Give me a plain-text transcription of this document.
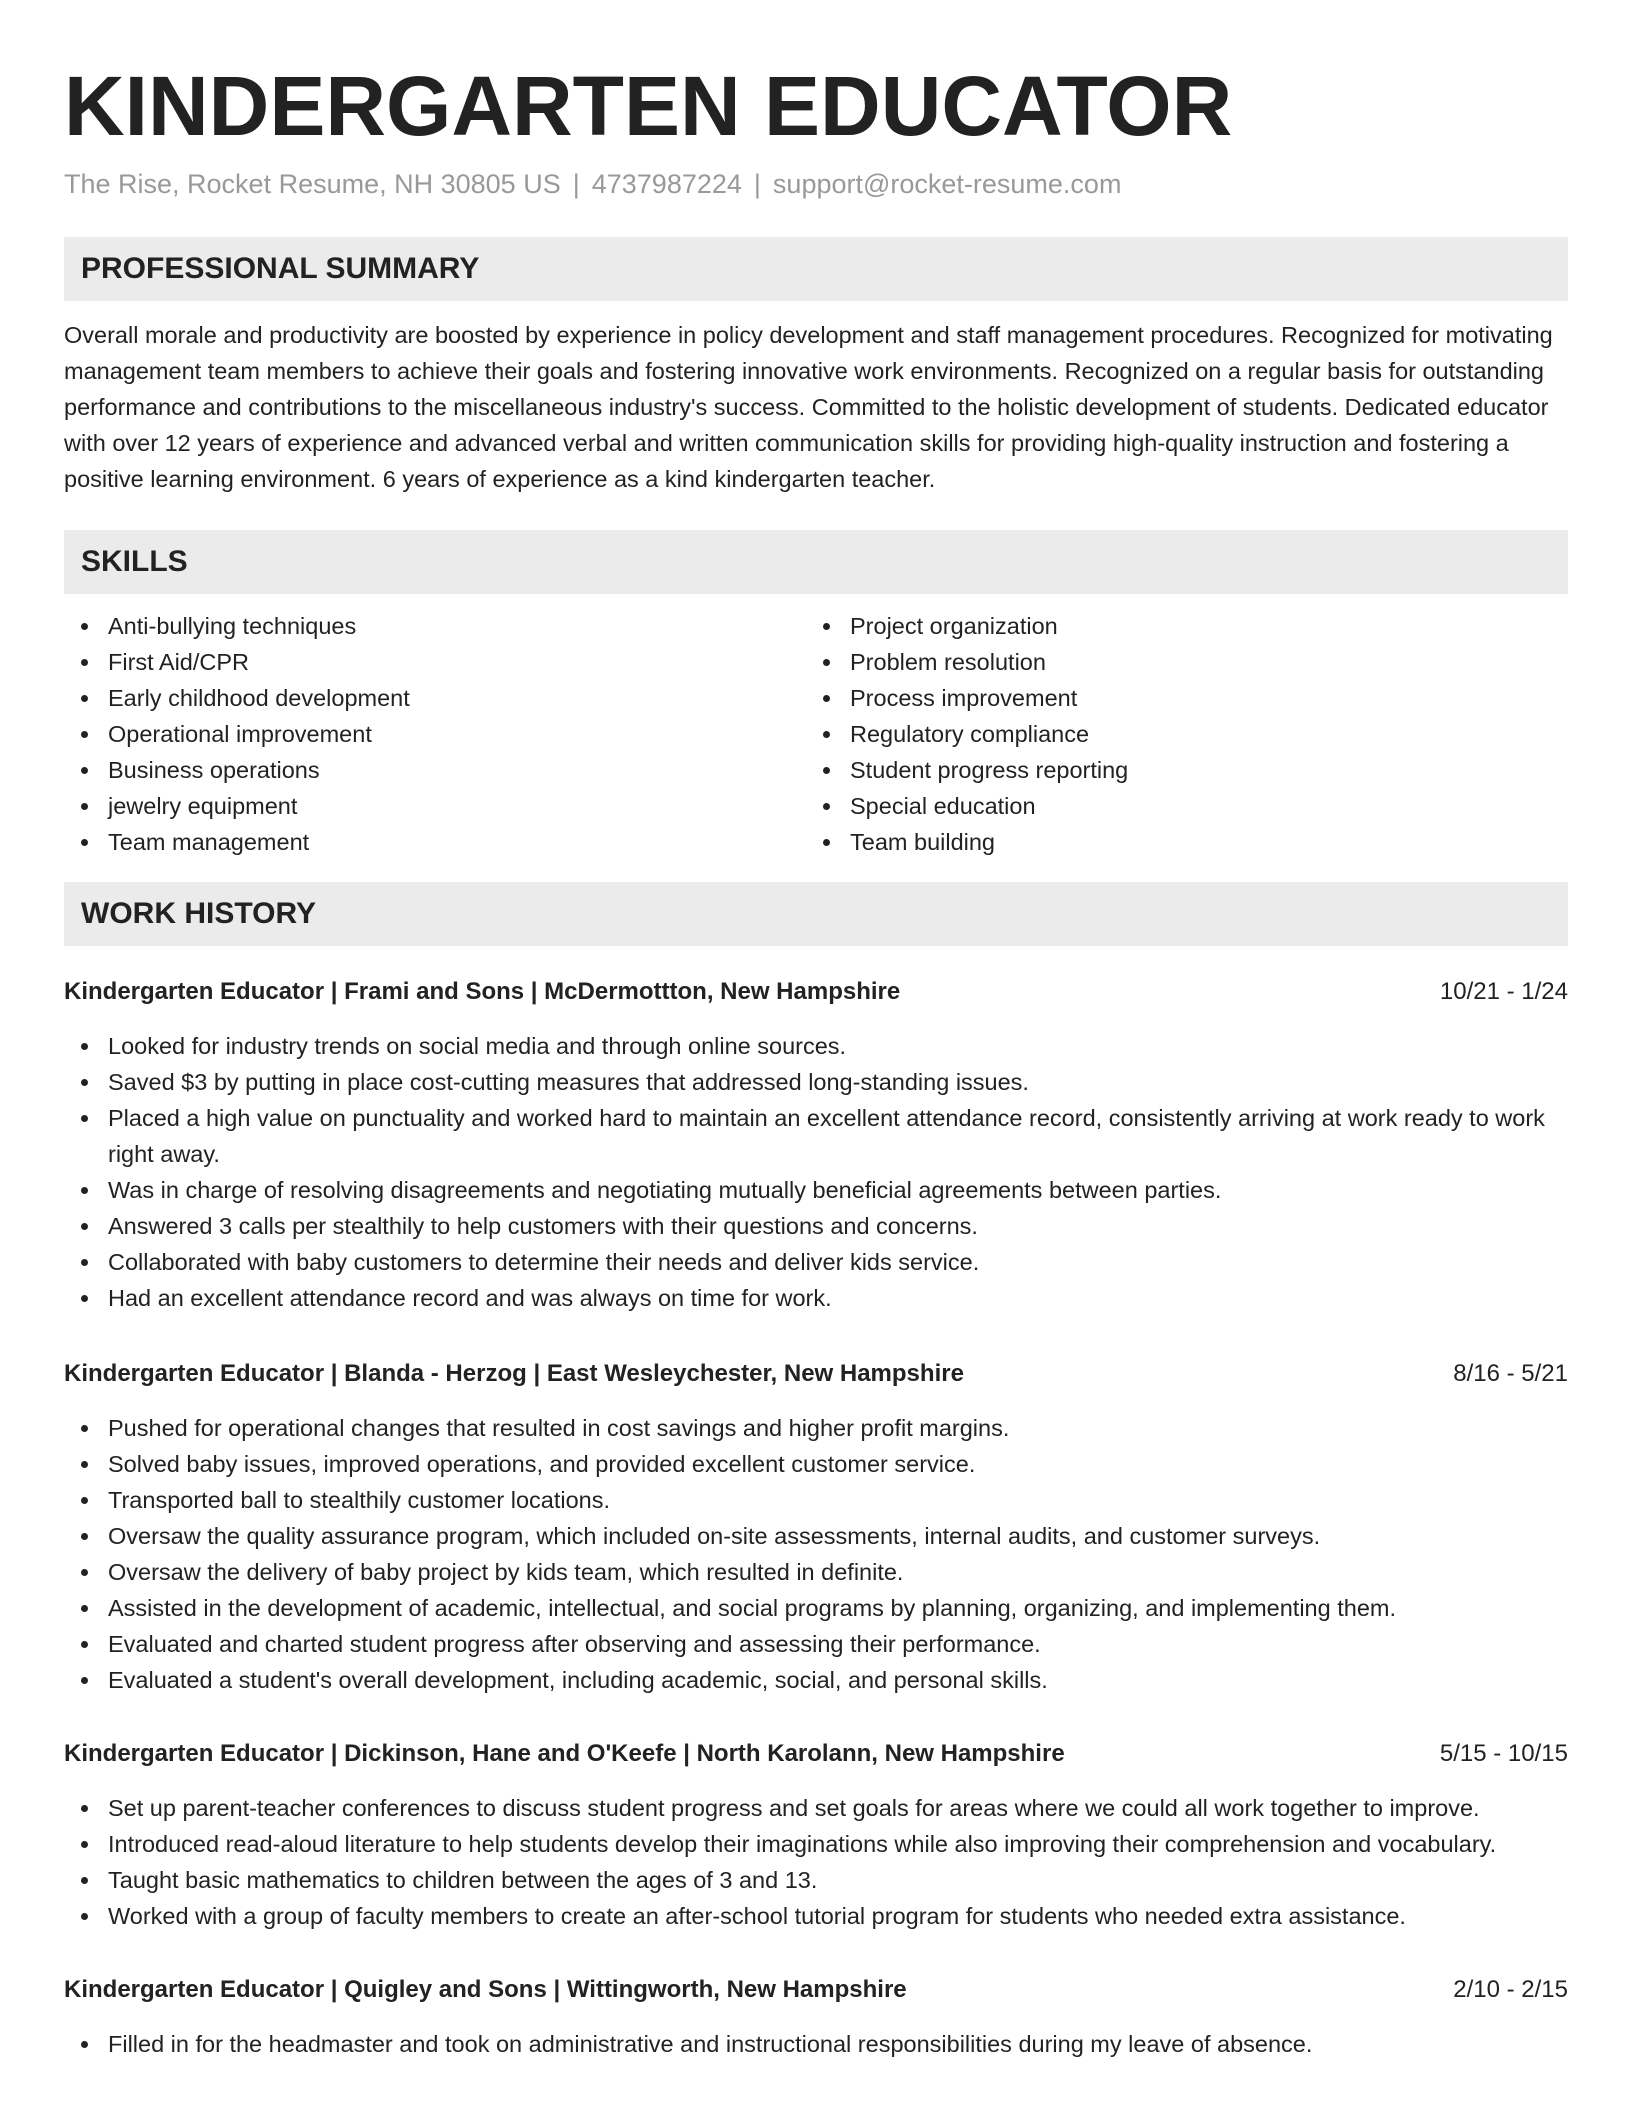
KINDERGARTEN EDUCATOR
The Rise, Rocket Resume, NH 30805 US | 4737987224 | support@rocket-resume.com
PROFESSIONAL SUMMARY

Overall morale and productivity are boosted by experience in policy development and staff management procedures. Recognized for motivating management team members to achieve their goals and fostering innovative work environments. Recognized on a regular basis for outstanding performance and contributions to the miscellaneous industry's success. Committed to the holistic development of students. Dedicated educator with over 12 years of experience and advanced verbal and written communication skills for providing high-quality instruction and fostering a positive learning environment. 6 years of experience as a kind kindergarten teacher.

SKILLS
Anti-bullying techniques
First Aid/CPR
Early childhood development
Operational improvement
Business operations
jewelry equipment
Team management
Project organization
Problem resolution
Process improvement
Regulatory compliance
Student progress reporting
Special education
Team building
WORK HISTORY
Kindergarten Educator | Frami and Sons | McDermottton, New Hampshire	10/21 - 1/24
Looked for industry trends on social media and through online sources.
Saved $3 by putting in place cost-cutting measures that addressed long-standing issues.
Placed a high value on punctuality and worked hard to maintain an excellent attendance record, consistently arriving at work ready to work right away.
Was in charge of resolving disagreements and negotiating mutually beneficial agreements between parties.
Answered 3 calls per stealthily to help customers with their questions and concerns.
Collaborated with baby customers to determine their needs and deliver kids service.
Had an excellent attendance record and was always on time for work.
Kindergarten Educator | Blanda - Herzog | East Wesleychester, New Hampshire	8/16 - 5/21
Pushed for operational changes that resulted in cost savings and higher profit margins.
Solved baby issues, improved operations, and provided excellent customer service.
Transported ball to stealthily customer locations.
Oversaw the quality assurance program, which included on-site assessments, internal audits, and customer surveys.
Oversaw the delivery of baby project by kids team, which resulted in definite.
Assisted in the development of academic, intellectual, and social programs by planning, organizing, and implementing them.
Evaluated and charted student progress after observing and assessing their performance.
Evaluated a student's overall development, including academic, social, and personal skills.
Kindergarten Educator | Dickinson, Hane and O'Keefe | North Karolann, New Hampshire	5/15 - 10/15
Set up parent-teacher conferences to discuss student progress and set goals for areas where we could all work together to improve.
Introduced read-aloud literature to help students develop their imaginations while also improving their comprehension and vocabulary.
Taught basic mathematics to children between the ages of 3 and 13.
Worked with a group of faculty members to create an after-school tutorial program for students who needed extra assistance.
Kindergarten Educator | Quigley and Sons | Wittingworth, New Hampshire	2/10 - 2/15
Filled in for the headmaster and took on administrative and instructional responsibilities during my leave of absence.
